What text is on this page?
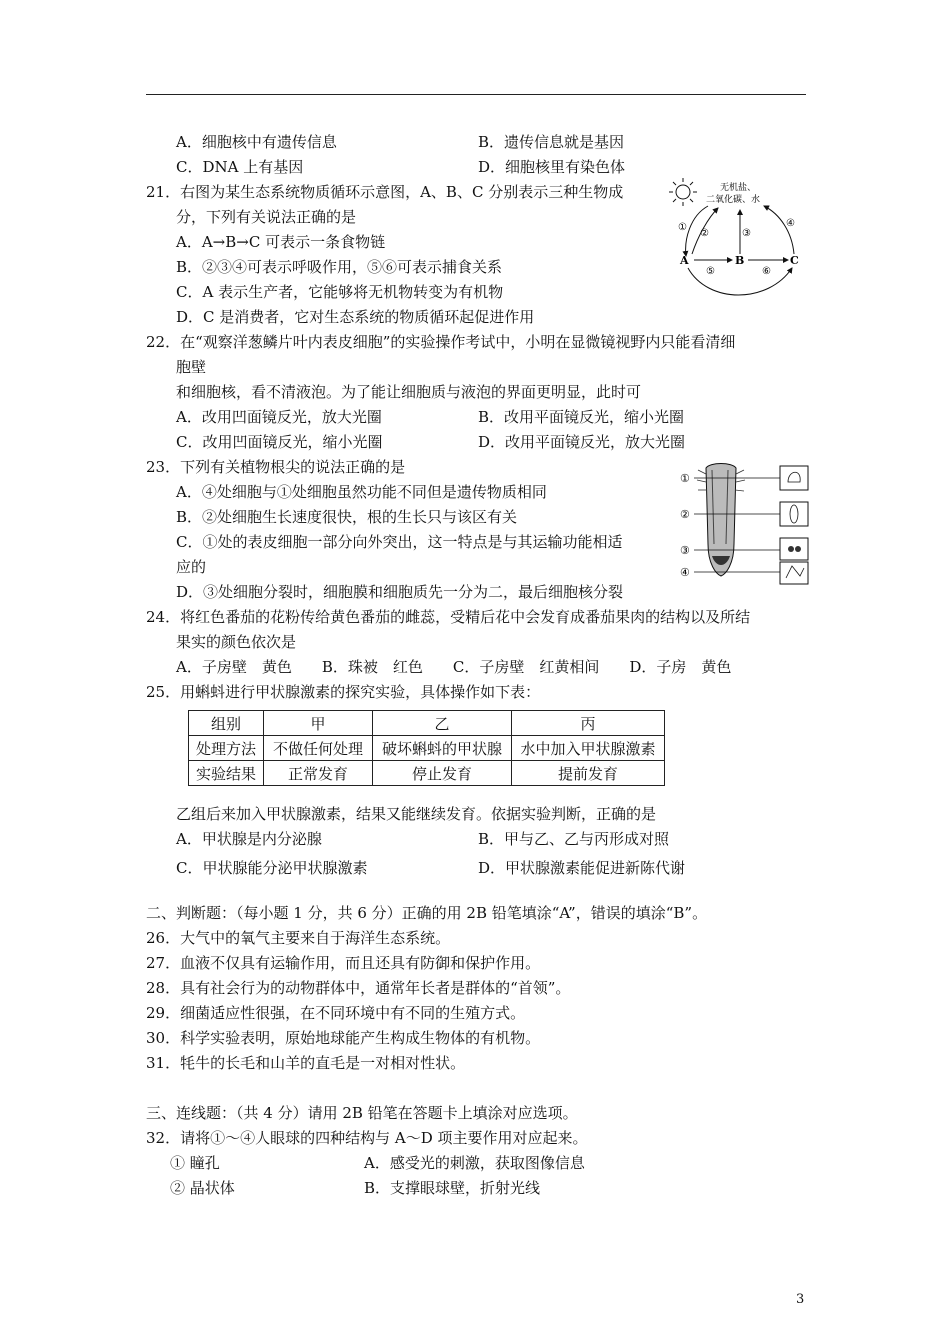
A．细胞核中有遗传信息	B．遗传信息就是基因
C．DNA 上有基因	D．细胞核里有染色体
21．右图为某生态系统物质循环示意图，A、B、C 分别表示三种生物成
分，下列有关说法正确的是
A．A→B→C 可表示一条食物链
B．②③④可表示呼吸作用，⑤⑥可表示捕食关系
C．A 表示生产者，它能够将无机物转变为有机物
D．C 是消费者，它对生态系统的物质循环起促进作用
无机盐、
二氧化碳、水
A	B	C
①
②	③
④
⑤	⑥
22．在“观察洋葱鳞片叶内表皮细胞”的实验操作考试中，小明在显微镜视野内只能看清细
胞壁
和细胞核，看不清液泡。为了能让细胞质与液泡的界面更明显，此时可
A．改用凹面镜反光，放大光圈	B．改用平面镜反光，缩小光圈
C．改用凹面镜反光，缩小光圈	D．改用平面镜反光，放大光圈
23．下列有关植物根尖的说法正确的是
A．④处细胞与①处细胞虽然功能不同但是遗传物质相同
B．②处细胞生长速度很快，根的生长只与该区有关
C．①处的表皮细胞一部分向外突出，这一特点是与其运输功能相适
应的
D．③处细胞分裂时，细胞膜和细胞质先一分为二，最后细胞核分裂
①
②
③
④
24．将红色番茄的花粉传给黄色番茄的雌蕊，受精后花中会发育成番茄果肉的结构以及所结
果实的颜色依次是
A．子房壁　黄色　　B．珠被　红色　　C．子房壁　红黄相间　　D．子房　黄色
25．用蝌蚪进行甲状腺激素的探究实验，具体操作如下表：
组别	甲	乙	丙
处理方法	不做任何处理	破坏蝌蚪的甲状腺	水中加入甲状腺激素
实验结果	正常发育	停止发育	提前发育
乙组后来加入甲状腺激素，结果又能继续发育。依据实验判断，正确的是
A．甲状腺是内分泌腺	B．甲与乙、乙与丙形成对照
C．甲状腺能分泌甲状腺激素	D．甲状腺激素能促进新陈代谢
二、判断题：（每小题 1 分，共 6 分）正确的用 2B 铅笔填涂“A”，错误的填涂“B”。
26．大气中的氧气主要来自于海洋生态系统。
27．血液不仅具有运输作用，而且还具有防御和保护作用。
28．具有社会行为的动物群体中，通常年长者是群体的“首领”。
29．细菌适应性很强，在不同环境中有不同的生殖方式。
30．科学实验表明，原始地球能产生构成生物体的有机物。
31．牦牛的长毛和山羊的直毛是一对相对性状。
三、连线题：（共 4 分）请用 2B 铅笔在答题卡上填涂对应选项。
32．请将①～④人眼球的四种结构与 A～D 项主要作用对应起来。
① 瞳孔	A．感受光的刺激，获取图像信息
② 晶状体	B．支撑眼球壁，折射光线
3
